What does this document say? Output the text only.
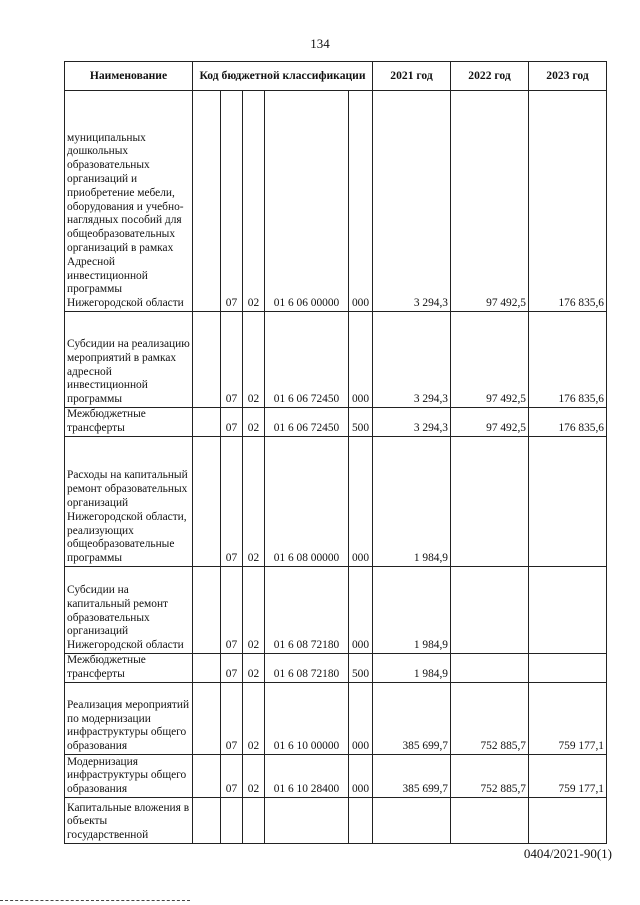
134
Наименование	Код бюджетной классификации					2021 год	2022 год	2023 год
муниципальных дошкольных образовательных организаций и приобретение мебели, оборудования и учебно-наглядных пособий для общеобразовательных организаций в рамках Адресной инвестиционной программы Нижегородской области		07	02	01 6 06 00000	000	3 294,3	97 492,5	176 835,6
Субсидии на реализацию мероприятий в рамках адресной инвестиционной программы		07	02	01 6 06 72450	000	3 294,3	97 492,5	176 835,6
Межбюджетные трансферты		07	02	01 6 06 72450	500	3 294,3	97 492,5	176 835,6
Расходы на капитальный ремонт образовательных организаций Нижегородской области, реализующих общеобразовательные программы		07	02	01 6 08 00000	000	1 984,9		
Субсидии на капитальный ремонт образовательных организаций Нижегородской области		07	02	01 6 08 72180	000	1 984,9		
Межбюджетные трансферты		07	02	01 6 08 72180	500	1 984,9		
Реализация мероприятий по модернизации инфраструктуры общего образования		07	02	01 6 10 00000	000	385 699,7	752 885,7	759 177,1
Модернизация инфраструктуры общего образования		07	02	01 6 10 28400	000	385 699,7	752 885,7	759 177,1
Капитальные вложения в объекты государственной								
0404/2021-90(1)
